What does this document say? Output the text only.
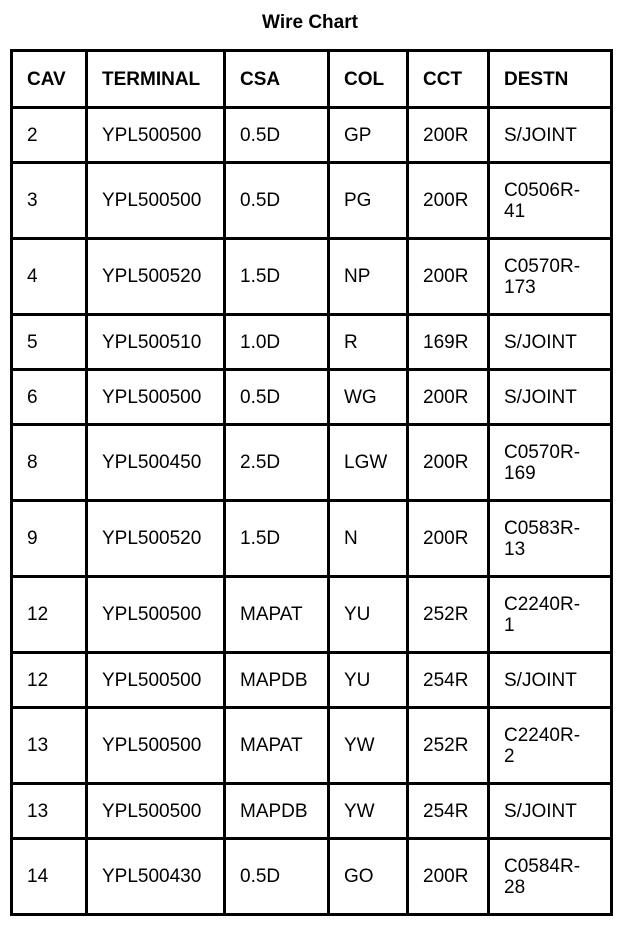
Wire Chart
CAV	TERMINAL	CSA	COL	CCT	DESTN
2	YPL500500	0.5D	GP	200R	S/JOINT

3	YPL500500	0.5D	PG	200R	C0506R-
41

4	YPL500520	1.5D	NP	200R	C0570R-
173

5	YPL500510	1.0D	R	169R	S/JOINT

6	YPL500500	0.5D	WG	200R	S/JOINT

8	YPL500450	2.5D	LGW	200R	C0570R-
169

9	YPL500520	1.5D	N	200R	C0583R-
13

12	YPL500500	MAPAT	YU	252R	C2240R-
1

12	YPL500500	MAPDB	YU	254R	S/JOINT

13	YPL500500	MAPAT	YW	252R	C2240R-
2

13	YPL500500	MAPDB	YW	254R	S/JOINT

14	YPL500430	0.5D	GO	200R	C0584R-
28
